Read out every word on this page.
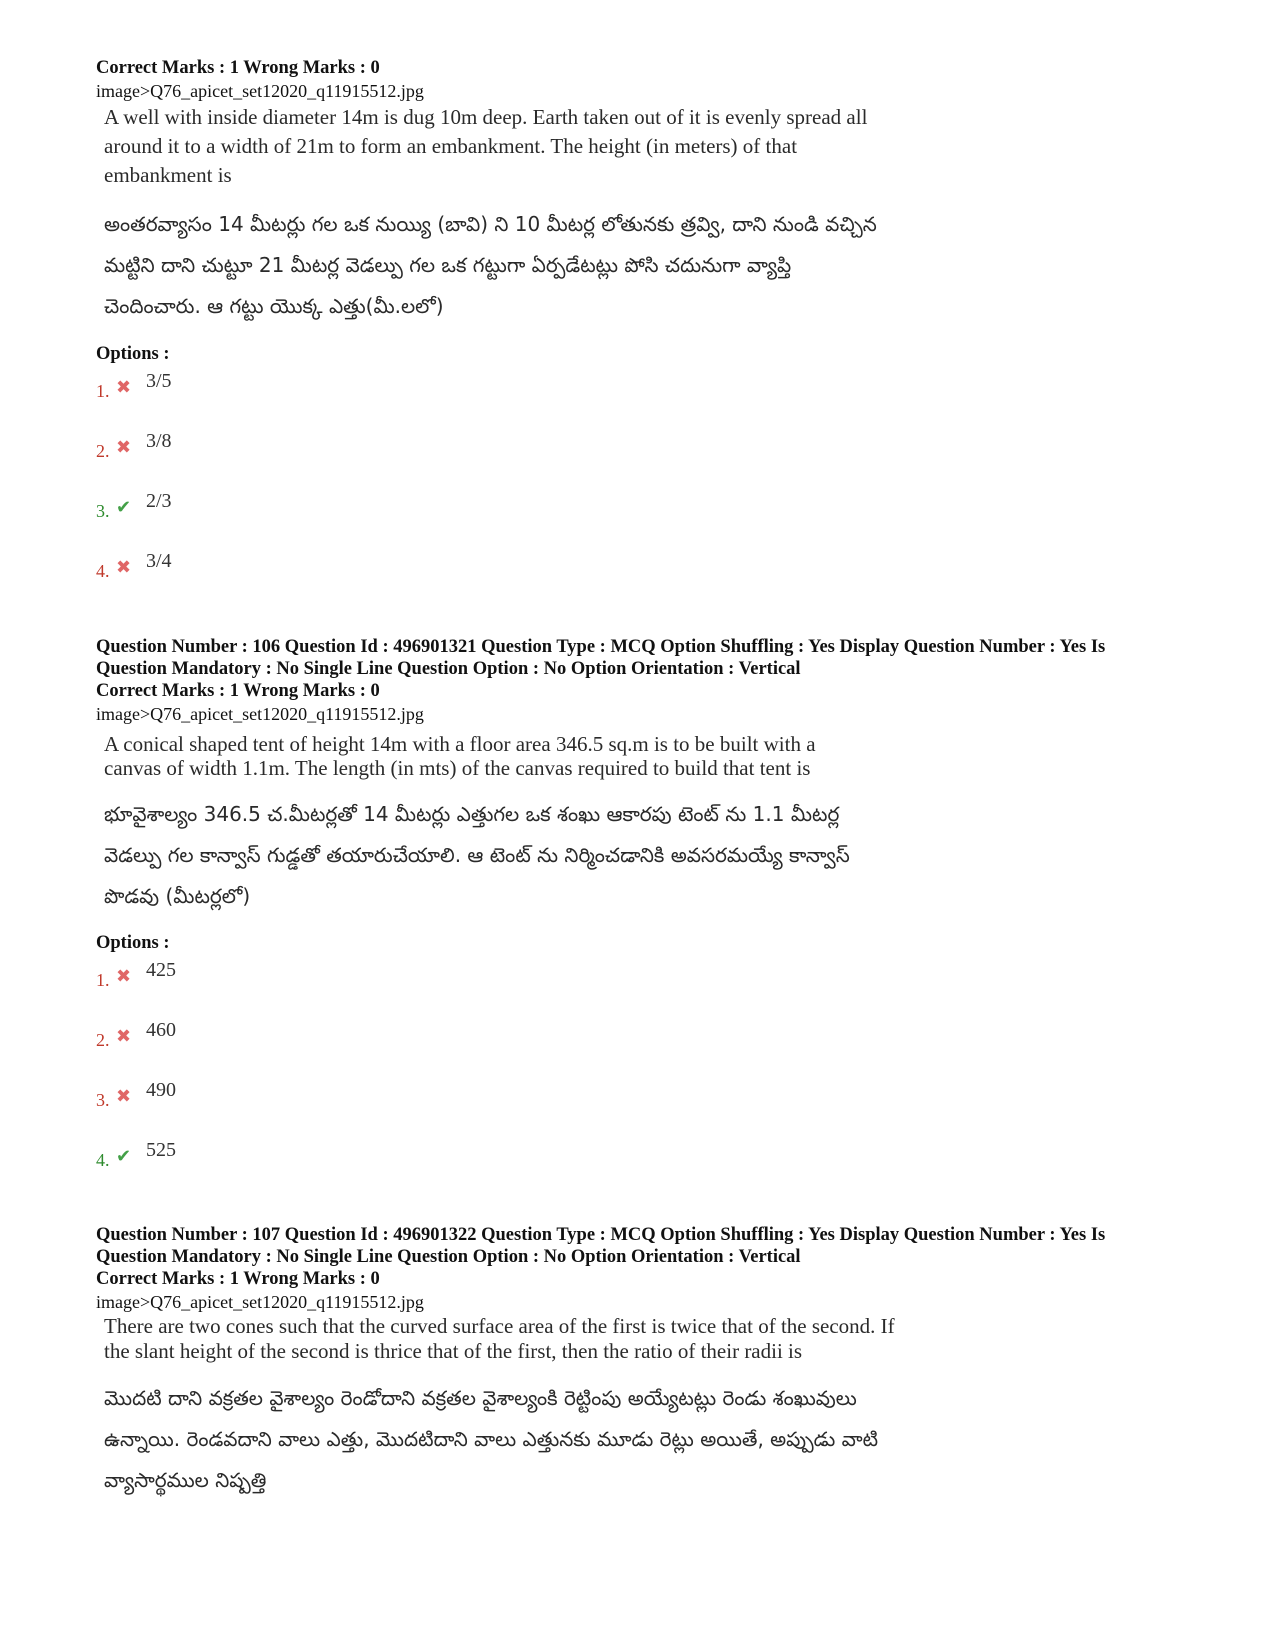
Correct Marks : 1 Wrong Marks : 0
image>Q76_apicet_set12020_q11915512.jpg
A well with inside diameter 14m is dug 10m deep. Earth taken out of it is evenly spread all around it to a width of 21m to form an embankment. The height (in meters) of that embankment is
అంతరవ్యాసం 14 మీటర్లు గల ఒక నుయ్యి (బావి) ని 10 మీటర్ల లోతునకు త్రవ్వి, దాని నుండి వచ్చిన మట్టిని దాని చుట్టూ 21 మీటర్ల వెడల్పు గల ఒక గట్టుగా ఏర్పడేటట్లు పోసి చదునుగా వ్యాప్తి చెందించారు. ఆ గట్టు యొక్క ఎత్తు(మీ.లలో)
Options :
1. ✖ 3/5
2. ✖ 3/8
3. ✔ 2/3
4. ✖ 3/4
Question Number : 106 Question Id : 496901321 Question Type : MCQ Option Shuffling : Yes Display Question Number : Yes Is Question Mandatory : No Single Line Question Option : No Option Orientation : Vertical
Correct Marks : 1 Wrong Marks : 0
image>Q76_apicet_set12020_q11915512.jpg
A conical shaped tent of height 14m with a floor area 346.5 sq.m is to be built with a canvas of width 1.1m. The length (in mts) of the canvas required to build that tent is
భూవైశాల్యం 346.5 చ.మీటర్లతో 14 మీటర్లు ఎత్తుగల ఒక శంఖు ఆకారపు టెంట్ ను 1.1 మీటర్ల వెడల్పు గల కాన్వాస్ గుడ్డతో తయారుచేయాలి. ఆ టెంట్ ను నిర్మించడానికి అవసరమయ్యే కాన్వాస్ పొడవు (మీటర్లలో)
Options :
1. ✖ 425
2. ✖ 460
3. ✖ 490
4. ✔ 525
Question Number : 107 Question Id : 496901322 Question Type : MCQ Option Shuffling : Yes Display Question Number : Yes Is Question Mandatory : No Single Line Question Option : No Option Orientation : Vertical
Correct Marks : 1 Wrong Marks : 0
image>Q76_apicet_set12020_q11915512.jpg
There are two cones such that the curved surface area of the first is twice that of the second. If the slant height of the second is thrice that of the first, then the ratio of their radii is
మొదటి దాని వక్రతల వైశాల్యం రెండోదాని వక్రతల వైశాల్యంకి రెట్టింపు అయ్యేటట్లు రెండు శంఖువులు ఉన్నాయి. రెండవదాని వాలు ఎత్తు, మొదటిదాని వాలు ఎత్తునకు మూడు రెట్లు అయితే, అప్పుడు వాటి వ్యాసార్థముల నిష్పత్తి
